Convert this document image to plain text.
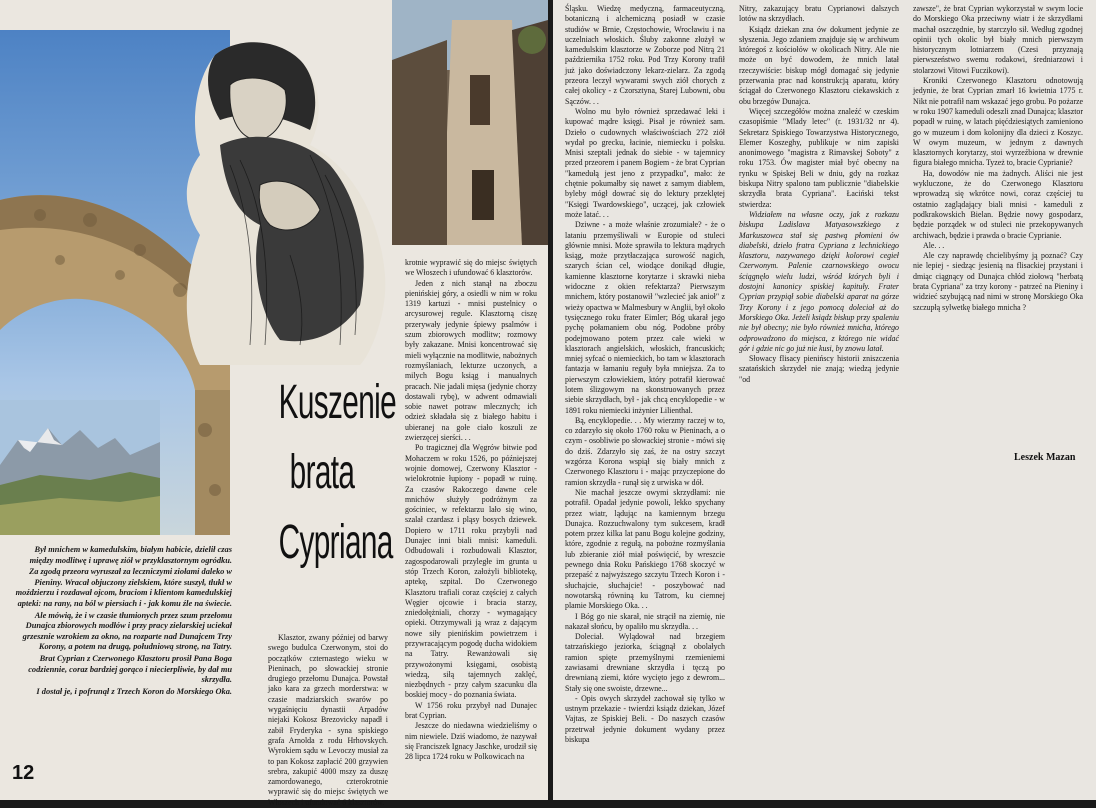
Kuszenie
brata
Cypriana

Był mnichem w kamedulskim, białym habicie, dzielił czas między modlitwę i uprawę ziół w przyklasztornym ogródku.

Za zgodą przeora wyruszał za leczniczymi ziołami daleko w Pieniny. Wracał objuczony zielskiem, które suszył, tłukł w moździerzu i rozdawał ojcom, braciom i klientom kamedulskiej apteki: na rany, na ból w piersiach i - jak komu źle na świecie.

Ale mówią, że i w czasie tłumionych przez szum przełomu Dunajca zbiorowych modłów i przy pracy zielarskiej uciekał grzesznie wzrokiem za okno, na rozparte nad Dunajcem Trzy Korony, a potem na drugą, południową stronę, na Tatry.

Brat Cyprian z Czerwonego Klasztoru prosił Pana Boga codziennie, coraz bardziej gorąco i niecierpliwie, by dał mu skrzydła.

I dostał je, i pofrunął z Trzech Koron do Morskiego Oka.

Klasztor, zwany później od barwy swego budulca Czerwonym, stoi do początków czternastego wieku w Pieninach, po słowackiej stronie drugiego przełomu Dunajca. Powstał jako kara za grzech morderstwa: w czasie madziarskich swarów po wygaśnięciu dynastii Arpadów niejaki Kokosz Brezovicky napadł i zabił Fryderyka - syna spiskiego grafa Arnolda z rodu Hrhovskych. Wyrokiem sądu w Levoczy musiał za to pan Kokosz zapłacić 200 grzywien srebra, zakupić 4000 mszy za duszę zamordowanego, czterokrotnie wyprawić się do miejsc świętych we Włoszech i ufundować 6 klasztorów.

krotnie wyprawić się do miejsc świętych we Włoszech i ufundować 6 klasztorów.

Jeden z nich stanął na zboczu pienińskiej góry, a osiedli w nim w roku 1319 kartuzi - mnisi pustelnicy o arcysurowej regule. Klasztorną ciszę przerywały jedynie śpiewy psalmów i szum zbiorowych modlitw; rozmowy były zakazane. Mnisi koncentrować się mieli wyłącznie na modlitwie, nabożnych rozmyślaniach, lekturze uczonych, a milych Bogu ksiąg i manualnych pracach. Nie jadali mięsa (jedynie chorzy dostawali rybę), w adwent odmawiali sobie nawet potraw mlecznych; ich odzież składała się z białego habitu i ubieranej na gołe ciało koszuli ze zwierzęcej sierści. . .

Po tragicznej dla Węgrów bitwie pod Mohaczem w roku 1526, po późniejszej wojnie domowej, Czerwony Klasztor - wielokrotnie łupiony - popadł w ruinę. Za czasów Rakoczego dawne cele mnichów służyły podróżnym za gościniec, w refektarzu lało się wino, szalał czardasz i pląsy bosych dziewek. Dopiero w 1711 roku przybyli nad Dunajec inni biali mnisi: kameduli. Odbudowali i rozbudowali Klasztor, zagospodarowali przyległe im grunta u stóp Trzech Koron, założyli bibliotekę, aptekę, szpital. Do Czerwonego Klasztoru trafiali coraz częściej z całych Węgier ojcowie i bracia starzy, zniedołężniali, chorzy - wymagający opieki. Otrzymywali ją wraz z dającym nowe siły pienińskim powietrzem i przywracającym pogodę ducha widokiem na Tatry. Rewanżowali się przywożonymi księgami, osobistą wiedzą, siłą tajemnych zaklęć, niezbędnych - przy całym szacunku dla boskiej mocy - do poznania świata.

W 1756 roku przybył nad Dunajec brat Cyprian.

Jeszcze do niedawna wiedzieliśmy o nim niewiele. Dziś wiadomo, że nazywał się Franciszek Ignacy Jaschke, urodził się 28 lipca 1724 roku w Polkowicach na

12

Śląsku. Wiedzę medyczną, farmaceutyczną, botaniczną i alchemiczną posiadł w czasie studiów w Brnie, Częstochowie, Wrocławiu i na uczelniach włoskich. Śluby zakonne złożył w kamedulskim klasztorze w Zoborze pod Nitrą 21 października 1752 roku. Pod Trzy Korony trafił już jako doświadczony lekarz-zielarz. Za zgodą przeora leczył wywarami swych ziół chorych z całej okolicy - z Czorsztyna, Starej Lubowni, obu Sączów. . .

Wolno mu było również sprzedawać leki i kupować mądre księgi. Pisał je również sam. Dzieło o cudownych właściwościach 272 ziół wydał po grecku, łacinie, niemiecku i polsku. Mnisi szeptali jednak do siebie - w tajemnicy przed przeorem i panem Bogiem - że brat Cyprian "kamedułą jest jeno z przypadku", mało: że chętnie pokumałby się nawet z samym diabłem, byleby mógł dowrać się do lektury przeklętej "Księgi Twardowskiego", uczącej, jak człowiek może latać. . .

Dziwne - a może właśnie zrozumiałe? - że o lataniu przemyśliwali w Europie od stuleci głównie mnisi. Może sprawiła to lektura mądrych ksiąg, może przytłaczająca surowość nagich, szarych ścian cel, wiodące donikąd długie, kamienne klasztorne korytarze i skrawki nieba widoczne z okien refektarza? Pierwszym mnichem, który postanowił "wzlecieć jak anioł" z wieży opactwa w Malmesbury w Anglii, był około tysięcznego roku frater Eimler; Bóg ukarał jego pychę połamaniem obu nóg. Podobne próby podejmowano potem przez całe wieki w klasztorach angielskich, włoskich, francuskich; mniej syfcać o niemieckich, bo tam w klasztorach fantazja w łamaniu reguły była mniejsza. Za to pierwszym człowiekiem, który potrafił kierować lotem ślizgowym na skonstruowanych przez siebie skrzydłach, był - jak chcą encyklopedie - w 1891 roku niemiecki inżynier Lilienthal.

Bą, encyklopedie. . . My wierzmy raczej w to, co zdarzyło się około 1760 roku w Pieninach, a o czym - osobliwie po słowackiej stronie - mówi się do dziś. Zdarzyło się zaś, że na ostry szczyt wzgórza Korona wspiął się biały mnich z Czerwonego Klasztoru i - mając przyczepione do ramion skrzydła - runął się z urwiska w dół.

Nie machał jeszcze owymi skrzydłami: nie potrafił. Opadał jedynie powoli, lekko spychany przez wiatr, lądując na kamiennym brzegu Dunajca. Rozzuchwalony tym sukcesem, kradł potem przez kilka lat panu Bogu kolejne godziny, które, zgodnie z regułą, na pobożne rozmyślania lub zbieranie ziół miał poświęcić, by wreszcie pewnego dnia Roku Pańskiego 1768 skoczyć w przepaść z najwyższego szczytu Trzech Koron i - słuchajcie, słuchajcie! - poszybować nad nowotarską równiną ku Tatrom, ku ciemnej plamie Morskiego Oka. . .

I Bóg go nie skarał, nie strącił na ziemię, nie nakazał słońcu, by opaliło mu skrzydła. . .

Doleciał. Wylądował nad brzegiem tatrzańskiego jeziorka, ściągnął z obolałych ramion spięte przemyślnymi rzemieniemi zawiasami drewniane skrzydła i tęczą po drewnianą ziemi, które wycięto jego z dewrom... Stały się one swoiste, drzewne...

- Opis owych skrzydeł zachował się tylko w ustnym przekazie - twierdzi ksiądz dziekan, Józef Vajtas, ze Spiskiej Beli. - Do naszych czasów przetrwał jedynie dokument wydany przez biskupa

Nitry, zakazujący bratu Cyprianowi dalszych lotów na skrzydłach.

Ksiądz dziekan zna ów dokument jedynie ze słyszenia. Jego zdaniem znajduje się w archiwum któregoś z kościołów w okolicach Nitry. Ale nie może on być dowodem, że mnich latał rzeczywiście: biskup mógł domagać się jedynie przerwania prac nad konstrukcją aparatu, który ściągał do Czerwonego Klasztoru ciekawskich z obu brzegów Dunajca.

Więcej szczegółów można znaleźć w czeskim czasopiśmie "Mlady letec" (r. 1931/32 nr 4). Sekretarz Spiskiego Towarzystwa Historycznego, Elemer Koszeghy, publikuje w nim zapiski anonimowego "magistra z Rimavskej Soboty" z roku 1753. Ów magister miał być obecny na rynku w Spiskej Beli w dniu, gdy na rozkaz biskupa Nitry spalono tam publicznie "diabelskie skrzydła brata Cypriana". Łaciński tekst stwierdza:

Widziałem na własne oczy, jak z rozkazu biskupa Ladislava Matyasowszkiego z Markuszowca stał się pastwą płomieni ów diabelski, dzieło fratra Cypriana z lechnickiego klasztoru, nazywanego dzięki kolorowi cegieł Czerwonym. Palenie czarnowskiego owocu ściągnęło wielu ludzi, wśród których byli i dostojni kanonicy spiskiej kapituły. Frater Cyprian przypiął sobie diabelski aparat na górze Trzy Korony i z jego pomocą doleciał aż do Morskiego Oka. Jeżeli ksiądz biskup przy spaleniu nie był obecny; nie było również mnicha, którego odprowadzono do miejsca, z którego nie widać gór i gdzie nic go już nie kusi, by znowu latał.

Słowacy flisacy pienińscy historii zniszczenia szatańskich skrzydeł nie znają; wiedzą jedynie "od

zawsze", że brat Cyprian wykorzystał w swym locie do Morskiego Oka przeciwny wiatr i że skrzydłami machał oszczędnie, by starczyło sił. Według zgodnej opinii tych okolic był biały mnich pierwszym historycznym lotniarzem (Czesi przyznają pierwszeństwo swemu rodakowi, średniarzowi i stolarzowi Vitowi Fuczikowi).

Kroniki Czerwonego Klasztoru odnotowują jedynie, że brat Cyprian zmarł 16 kwietnia 1775 r. Nikt nie potrafił nam wskazać jego grobu. Po pożarze w roku 1907 kameduli odeszli znad Dunajca; klasztor popadł w ruinę, w latach pięćdziesiątych zamieniono go w muzeum i dom kolonijny dla dzieci z Koszyc. W owym muzeum, w jednym z dawnych klasztornych korytarzy, stoi wyrzeźbiona w drewnie figura białego mnicha. Tyzeż to, bracie Cyprianie?

Ha, dowodów nie ma żadnych. Aliści nie jest wykluczone, że do Czerwonego Klasztoru wprowadzą się wkrótce nowi, coraz częściej tu ostatnio zaglądający biali mnisi - kameduli z podkrakowskich Bielan. Będzie nowy gospodarz, będzie porządek w od stuleci nie przekopywanych archiwach, będzie i prawda o bracie Cyprianie.

Ale. . .

Ale czy naprawdę chcielibyśmy ją poznać? Czy nie lepiej - siedząc jesienią na flisackiej przystani i dmiąc ciągnący od Dunajca chłód ziołową "herbatą brata Cypriana" za trzy korony - patrzeć na Pieniny i widzieć szybującą nad nimi w stronę Morskiego Oka szczupłą sylwetkę białego mnicha ?

Leszek Mazan
